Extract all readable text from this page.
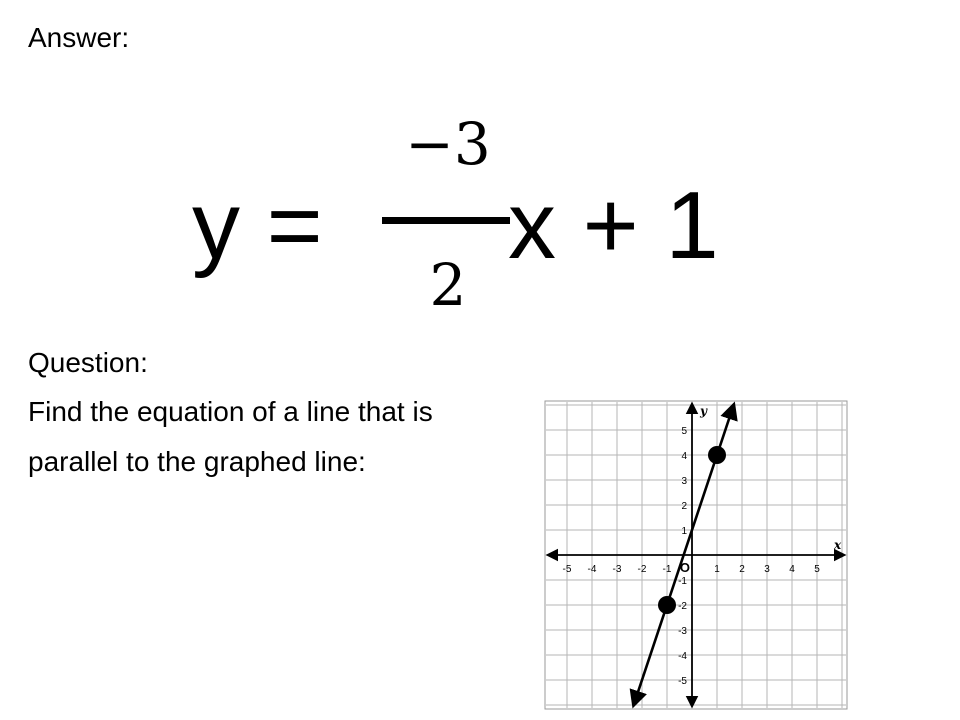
Answer:
y =
−3
2
x + 1
Question:
Find the equation of a line that is
parallel to the graphed line:
x
y
-5 -4 -3 -2 -1	1 2 3 4 5
5
4
3
2
1
-1
-2
-3
-4
-5
O
